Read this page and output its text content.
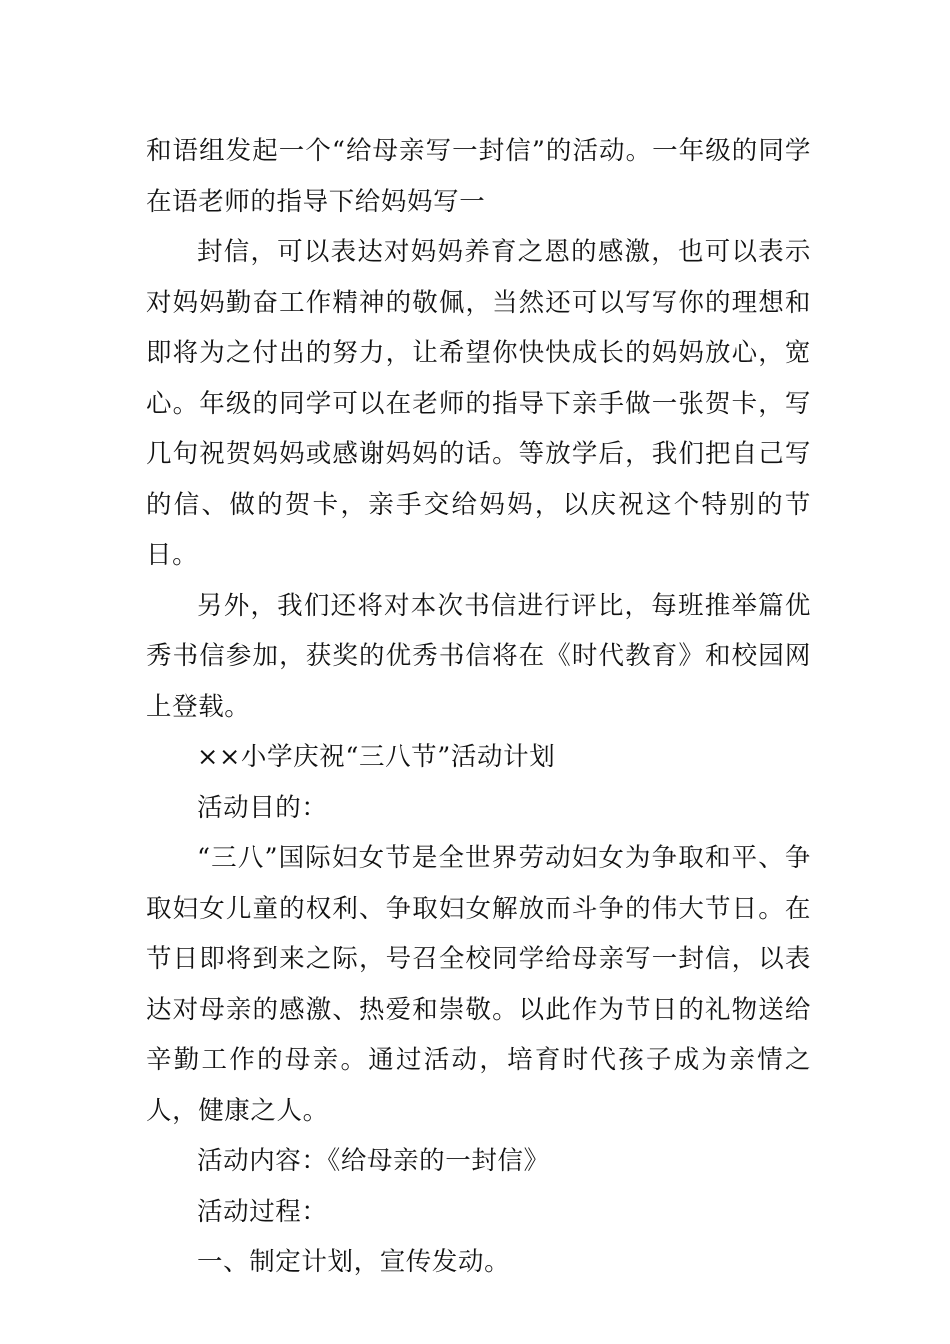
和语组发起一个“给母亲写一封信”的活动。一年级的同学在语老师的指导下给妈妈写一

封信，可以表达对妈妈养育之恩的感激，也可以表示对妈妈勤奋工作精神的敬佩，当然还可以写写你的理想和即将为之付出的努力，让希望你快快成长的妈妈放心，宽心。年级的同学可以在老师的指导下亲手做一张贺卡，写几句祝贺妈妈或感谢妈妈的话。等放学后，我们把自己写的信、做的贺卡，亲手交给妈妈，以庆祝这个特别的节日。

另外，我们还将对本次书信进行评比，每班推举篇优秀书信参加，获奖的优秀书信将在《时代教育》和校园网上登载。

××小学庆祝“三八节”活动计划

活动目的：

“三八”国际妇女节是全世界劳动妇女为争取和平、争取妇女儿童的权利、争取妇女解放而斗争的伟大节日。在节日即将到来之际，号召全校同学给母亲写一封信，以表达对母亲的感激、热爱和崇敬。以此作为节日的礼物送给辛勤工作的母亲。通过活动，培育时代孩子成为亲情之人，健康之人。

活动内容：《给母亲的一封信》

活动过程：

一、制定计划，宣传发动。
